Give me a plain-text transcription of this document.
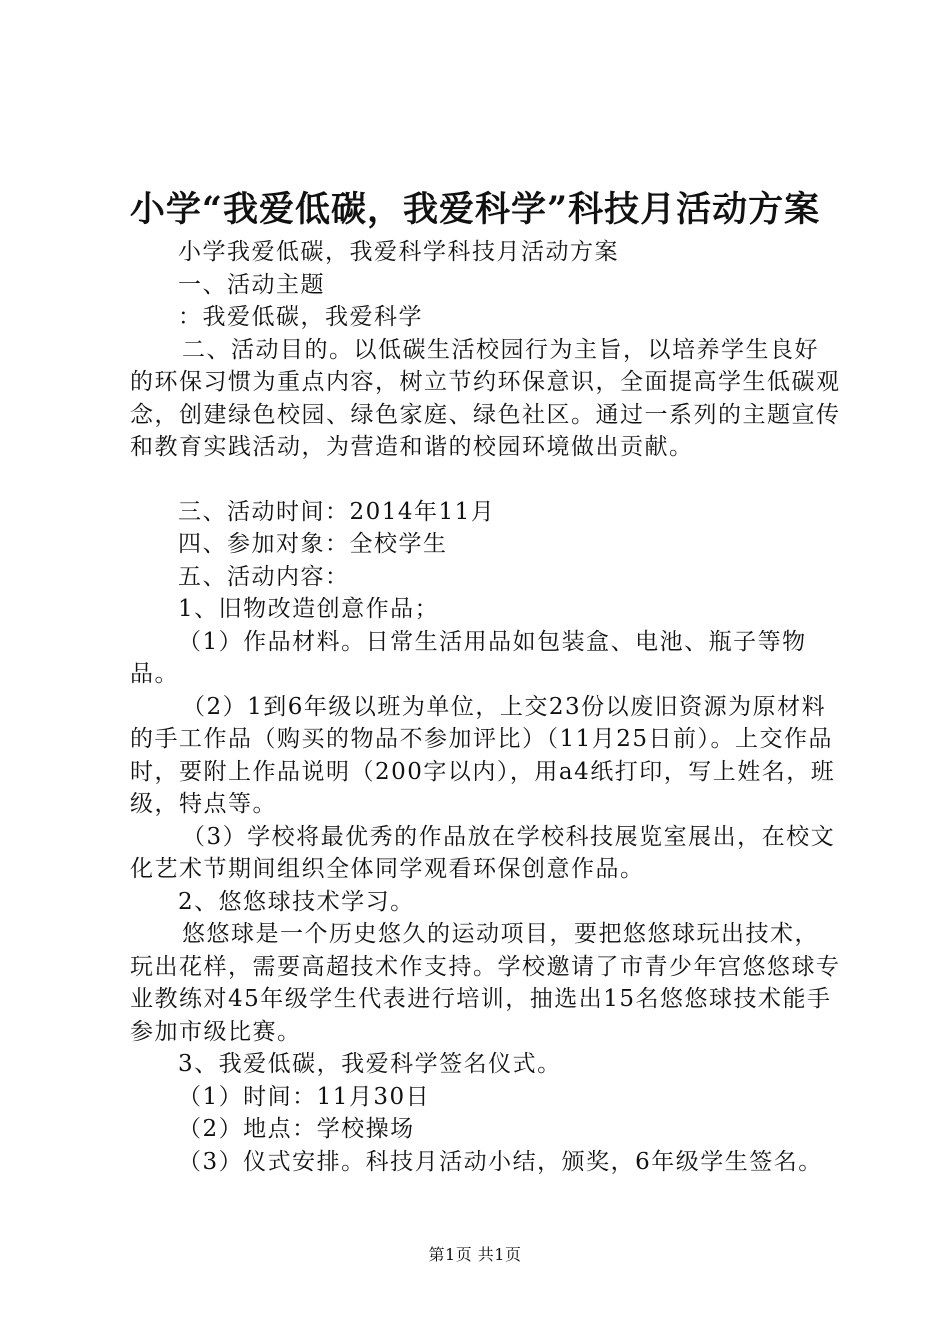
小学“我爱低碳，我爱科学”科技月活动方案

小学我爱低碳，我爱科学科技月活动方案

一、活动主题

：我爱低碳，我爱科学

二、活动目的。以低碳生活校园行为主旨，以培养学生良好的环保习惯为重点内容，树立节约环保意识，全面提高学生低碳观念，创建绿色校园、绿色家庭、绿色社区。通过一系列的主题宣传和教育实践活动，为营造和谐的校园环境做出贡献。

三、活动时间：2014年11月

四、参加对象：全校学生

五、活动内容：

1、旧物改造创意作品；

（1）作品材料。日常生活用品如包装盒、电池、瓶子等物品。

（2）1到6年级以班为单位，上交23份以废旧资源为原材料的手工作品（购买的物品不参加评比）（11月25日前）。上交作品时，要附上作品说明（200字以内），用a4纸打印，写上姓名，班级，特点等。

（3）学校将最优秀的作品放在学校科技展览室展出，在校文化艺术节期间组织全体同学观看环保创意作品。

2、悠悠球技术学习。

悠悠球是一个历史悠久的运动项目，要把悠悠球玩出技术，玩出花样，需要高超技术作支持。学校邀请了市青少年宫悠悠球专业教练对45年级学生代表进行培训，抽选出15名悠悠球技术能手参加市级比赛。

3、我爱低碳，我爱科学签名仪式。

（1）时间：11月30日

（2）地点：学校操场

（3）仪式安排。科技月活动小结，颁奖，6年级学生签名。

第1页 共1页
